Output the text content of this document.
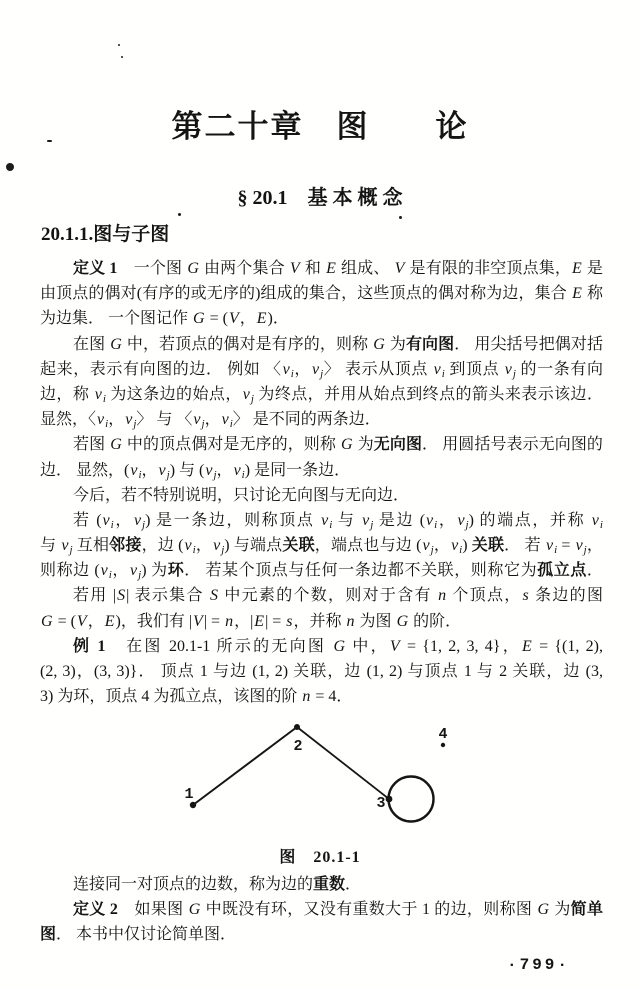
第二十章　图　　论
§ 20.1　基 本 概 念
20.1.1.图与子图
定义 1　一个图 G 由两个集合 V 和 E 组成、 V 是有限的非空顶点集，E 是
由顶点的偶对(有序的或无序的)组成的集合，这些顶点的偶对称为边，集合 E 称
为边集． 一个图记作 G = (V，E)．
在图 G 中，若顶点的偶对是有序的，则称 G 为有向图． 用尖括号把偶对括
起来，表示有向图的边． 例如 〈vi，vj〉 表示从顶点 vi 到顶点 vj 的一条有向
边，称 vi 为这条边的始点，vj 为终点，并用从始点到终点的箭头来表示该边．
显然，〈vi，vj〉 与 〈vj，vi〉 是不同的两条边．
若图 G 中的顶点偶对是无序的，则称 G 为无向图． 用圆括号表示无向图的
边． 显然，(vi，vj) 与 (vj，vi) 是同一条边．
今后，若不特别说明，只讨论无向图与无向边．
若 (vi，vj) 是一条边，则称顶点 vi 与 vj 是边 (vi，vj) 的端点，并称 vi
与 vj 互相邻接，边 (vi，vj) 与端点关联，端点也与边 (vj，vi) 关联． 若 vi = vj，
则称边 (vi，vj) 为环． 若某个顶点与任何一条边都不关联，则称它为孤立点．
若用 |S| 表示集合 S 中元素的个数，则对于含有 n 个顶点，s 条边的图
G = (V，E)，我们有 |V| = n，|E| = s，并称 n 为图 G 的阶．
例 1　在图 20.1-1 所示的无向图 G 中，V = {1, 2, 3, 4}，E = {(1, 2),
(2, 3)，(3, 3)}． 顶点 1 与边 (1, 2) 关联，边 (1, 2) 与顶点 1 与 2 关联，边 (3,
3) 为环，顶点 4 为孤立点，该图的阶 n = 4．
1
2
3
4
图　20.1-1
连接同一对顶点的边数，称为边的重数．
定义 2　如果图 G 中既没有环，又没有重数大于 1 的边，则称图 G 为简单
图． 本书中仅讨论简单图．
·799·
